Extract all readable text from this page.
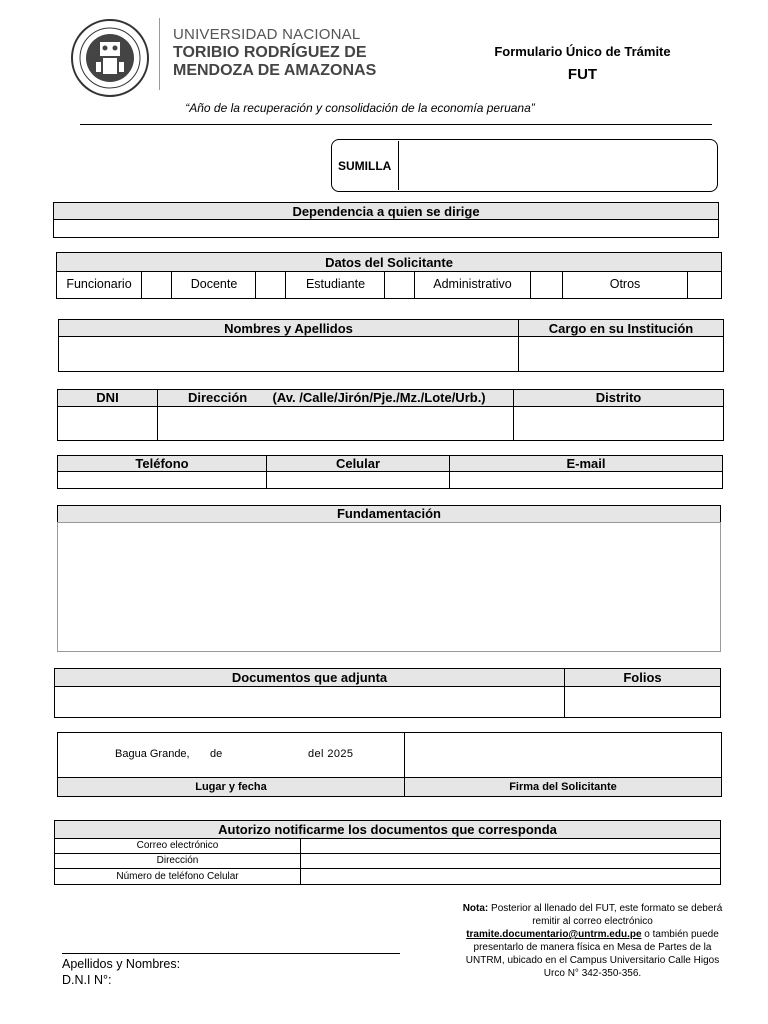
UNIVERSIDAD NACIONAL
TORIBIO RODRÍGUEZ DE
MENDOZA DE AMAZONAS
Formulario Único de Trámite
FUT
“Año de la recuperación y consolidación de la economía peruana”
SUMILLA
Dependencia a quien se dirige
Datos del Solicitante
Funcionario	Docente	Estudiante	Administrativo	Otros
Nombres y Apellidos	Cargo en su Institución
DNI	Dirección (Av. /Calle/Jirón/Pje./Mz./Lote/Urb.)	Distrito
Teléfono	Celular	E-mail
Fundamentación
Documentos que adjunta	Folios
Bagua Grande, de	del 2025
Lugar y fecha	Firma del Solicitante
Autorizo notificarme los documentos que corresponda
Correo electrónico
Dirección
Número de teléfono Celular
Apellidos y Nombres:
D.N.I N°:
Nota: Posterior al llenado del FUT, este formato se deberá remitir al correo electrónico tramite.documentario@untrm.edu.pe o también puede presentarlo de manera física en Mesa de Partes de la UNTRM, ubicado en el Campus Universitario Calle Higos Urco N° 342-350-356.
